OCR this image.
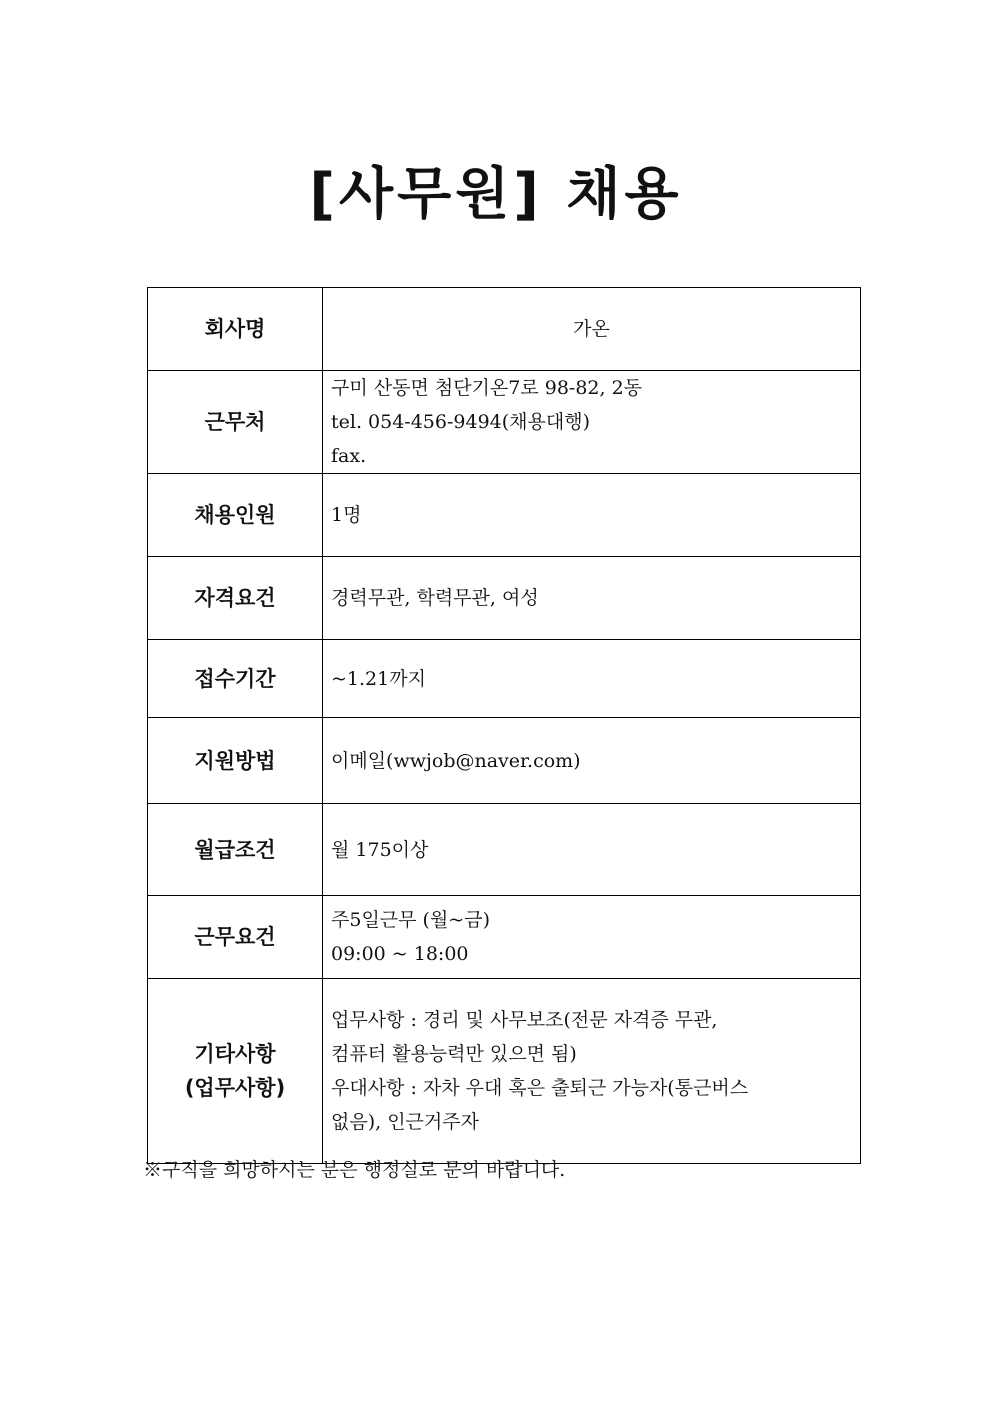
[사무원] 채용
회사명	가온
근무처	구미 산동면 첨단기온7로 98-82, 2동
tel. 054-456-9494(채용대행)
fax.

채용인원	1명
자격요건	경력무관, 학력무관, 여성
접수기간	~1.21까지
지원방법	이메일(wwjob@naver.com)
월급조건	월 175이상
근무요건	주5일근무 (월~금)
09:00 ~ 18:00

기타사항
(업무사항)	업무사항 : 경리 및 사무보조(전문 자격증 무관,
컴퓨터 활용능력만 있으면 됨)
우대사항 : 자차 우대 혹은 출퇴근 가능자(통근버스
없음), 인근거주자
※구직을 희망하시는 분은 행정실로 문의 바랍니다.
